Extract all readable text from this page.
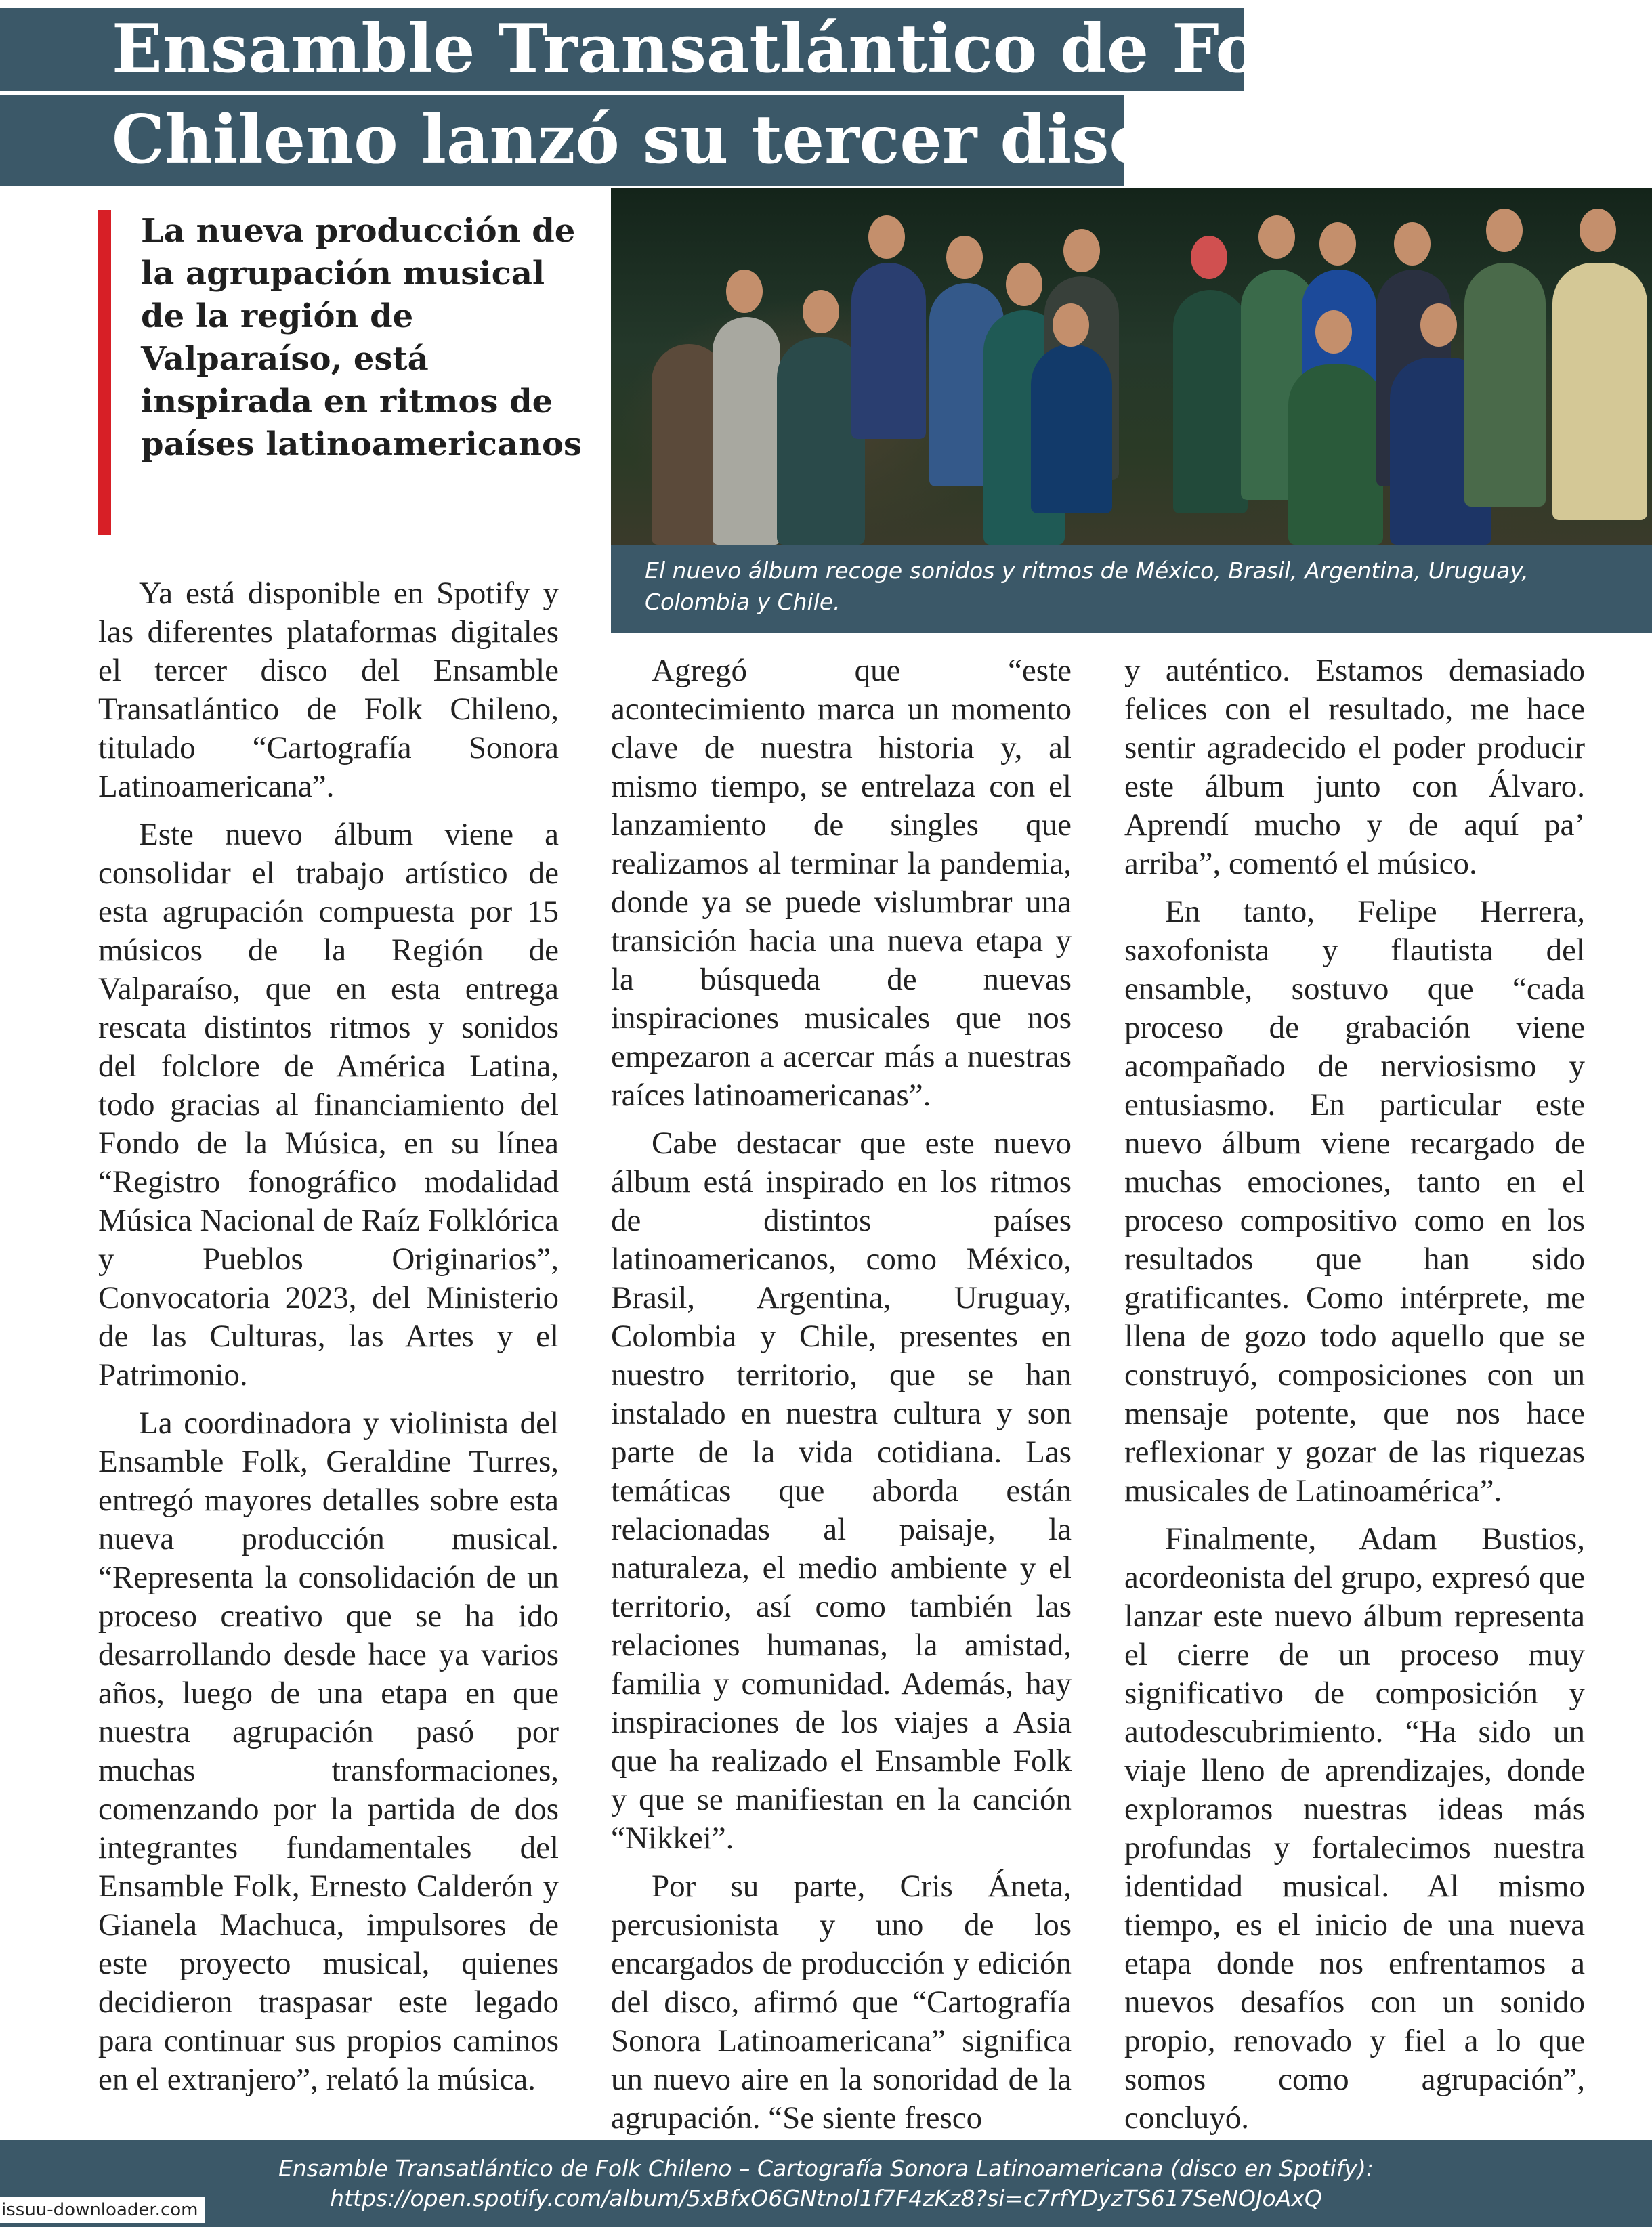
Ensamble Transatlántico de Folk
Chileno lanzó su tercer disco
El nuevo álbum recoge sonidos y ritmos de México, Brasil, Argentina, Uruguay, Colombia y Chile.
La nueva producción de la agrupación musical de la región de Valparaíso, está inspirada en ritmos de países latinoamericanos

Ya está disponible en Spotify y las diferentes plataformas digitales el tercer disco del Ensamble Transatlántico de Folk Chileno, titulado “Cartografía Sonora Latinoamericana”.

Este nuevo álbum viene a consolidar el trabajo artístico de esta agrupación compuesta por 15 músicos de la Región de Valparaíso, que en esta entrega rescata distintos ritmos y sonidos del folclore de América Latina, todo gracias al financiamiento del Fondo de la Música, en su línea “Registro fonográfico modalidad Música Nacional de Raíz Folklórica y Pueblos Originarios”, Convocatoria 2023, del Ministerio de las Culturas, las Artes y el Patrimonio.

La coordinadora y violinista del Ensamble Folk, Geraldine Turres, entregó mayores detalles sobre esta nueva producción musical. “Representa la consolidación de un proceso creativo que se ha ido desarrollando desde hace ya varios años, luego de una etapa en que nuestra agrupación pasó por muchas transformaciones, comenzando por la partida de dos integrantes fundamentales del Ensamble Folk, Ernesto Calderón y Gianela Machuca, impulsores de este proyecto musical, quienes decidieron traspasar este legado para continuar sus propios caminos en el extranjero”, relató la música.

Agregó que “este acontecimiento marca un momento clave de nuestra historia y, al mismo tiempo, se entrelaza con el lanzamiento de singles que realizamos al terminar la pandemia, donde ya se puede vislumbrar una transición hacia una nueva etapa y la búsqueda de nuevas inspiraciones musicales que nos empezaron a acercar más a nuestras raíces latinoamericanas”.

Cabe destacar que este nuevo álbum está inspirado en los ritmos de distintos países latinoamericanos, como México, Brasil, Argentina, Uruguay, Colombia y Chile, presentes en nuestro territorio, que se han instalado en nuestra cultura y son parte de la vida cotidiana. Las temáticas que aborda están relacionadas al paisaje, la naturaleza, el medio ambiente y el territorio, así como también las relaciones humanas, la amistad, familia y comunidad. Además, hay inspiraciones de los viajes a Asia que ha realizado el Ensamble Folk y que se manifiestan en la canción “Nikkei”.

Por su parte, Cris Áneta, percusionista y uno de los encargados de producción y edición del disco, afirmó que “Cartografía Sonora Latinoamericana” significa un nuevo aire en la sonoridad de la agrupación. “Se siente fresco

y auténtico. Estamos demasiado felices con el resultado, me hace sentir agradecido el poder producir este álbum junto con Álvaro. Aprendí mucho y de aquí pa’ arriba”, comentó el músico.

En tanto, Felipe Herrera, saxofonista y flautista del ensamble, sostuvo que “cada proceso de grabación viene acompañado de nerviosismo y entusiasmo. En particular este nuevo álbum viene recargado de muchas emociones, tanto en el proceso compositivo como en los resultados que han sido gratificantes. Como intérprete, me llena de gozo todo aquello que se construyó, composiciones con un mensaje potente, que nos hace reflexionar y gozar de las riquezas musicales de Latinoamérica”.

Finalmente, Adam Bustios, acordeonista del grupo, expresó que lanzar este nuevo álbum representa el cierre de un proceso muy significativo de composición y autodescubrimiento. “Ha sido un viaje lleno de aprendizajes, donde exploramos nuestras ideas más profundas y fortalecimos nuestra identidad musical. Al mismo tiempo, es el inicio de una nueva etapa donde nos enfrentamos a nuevos desafíos con un sonido propio, renovado y fiel a lo que somos como agrupación”, concluyó.

Ensamble Transatlántico de Folk Chileno – Cartografía Sonora Latinoamericana (disco en Spotify):
https://open.spotify.com/album/5xBfxO6GNtnol1f7F4zKz8?si=c7rfYDyzTS617SeNOJoAxQ
issuu-downloader.com
